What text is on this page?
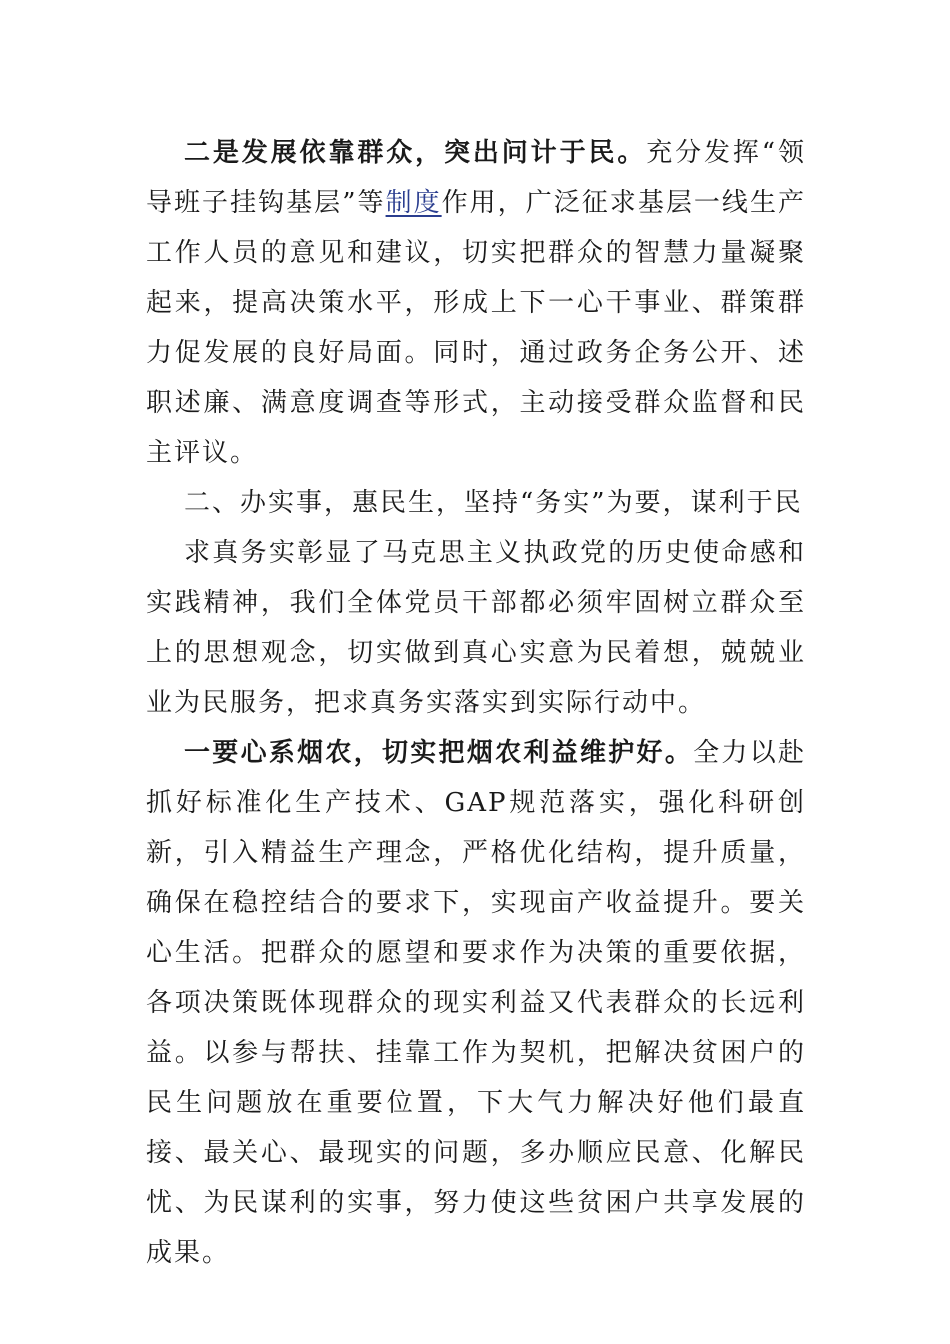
二是发展依靠群众，突出问计于民。充分发挥“领导班子挂钩基层”等制度作用，广泛征求基层一线生产工作人员的意见和建议，切实把群众的智慧力量凝聚起来，提高决策水平，形成上下一心干事业、群策群力促发展的良好局面。同时，通过政务企务公开、述职述廉、满意度调查等形式，主动接受群众监督和民主评议。

二、办实事，惠民生，坚持“务实”为要，谋利于民

求真务实彰显了马克思主义执政党的历史使命感和实践精神，我们全体党员干部都必须牢固树立群众至上的思想观念，切实做到真心实意为民着想，兢兢业业为民服务，把求真务实落实到实际行动中。

一要心系烟农，切实把烟农利益维护好。全力以赴抓好标准化生产技术、GAP规范落实，强化科研创新，引入精益生产理念，严格优化结构，提升质量，确保在稳控结合的要求下，实现亩产收益提升。要关心生活。把群众的愿望和要求作为决策的重要依据，各项决策既体现群众的现实利益又代表群众的长远利益。以参与帮扶、挂靠工作为契机，把解决贫困户的民生问题放在重要位置，下大气力解决好他们最直接、最关心、最现实的问题，多办顺应民意、化解民忧、为民谋利的实事，努力使这些贫困户共享发展的成果。
